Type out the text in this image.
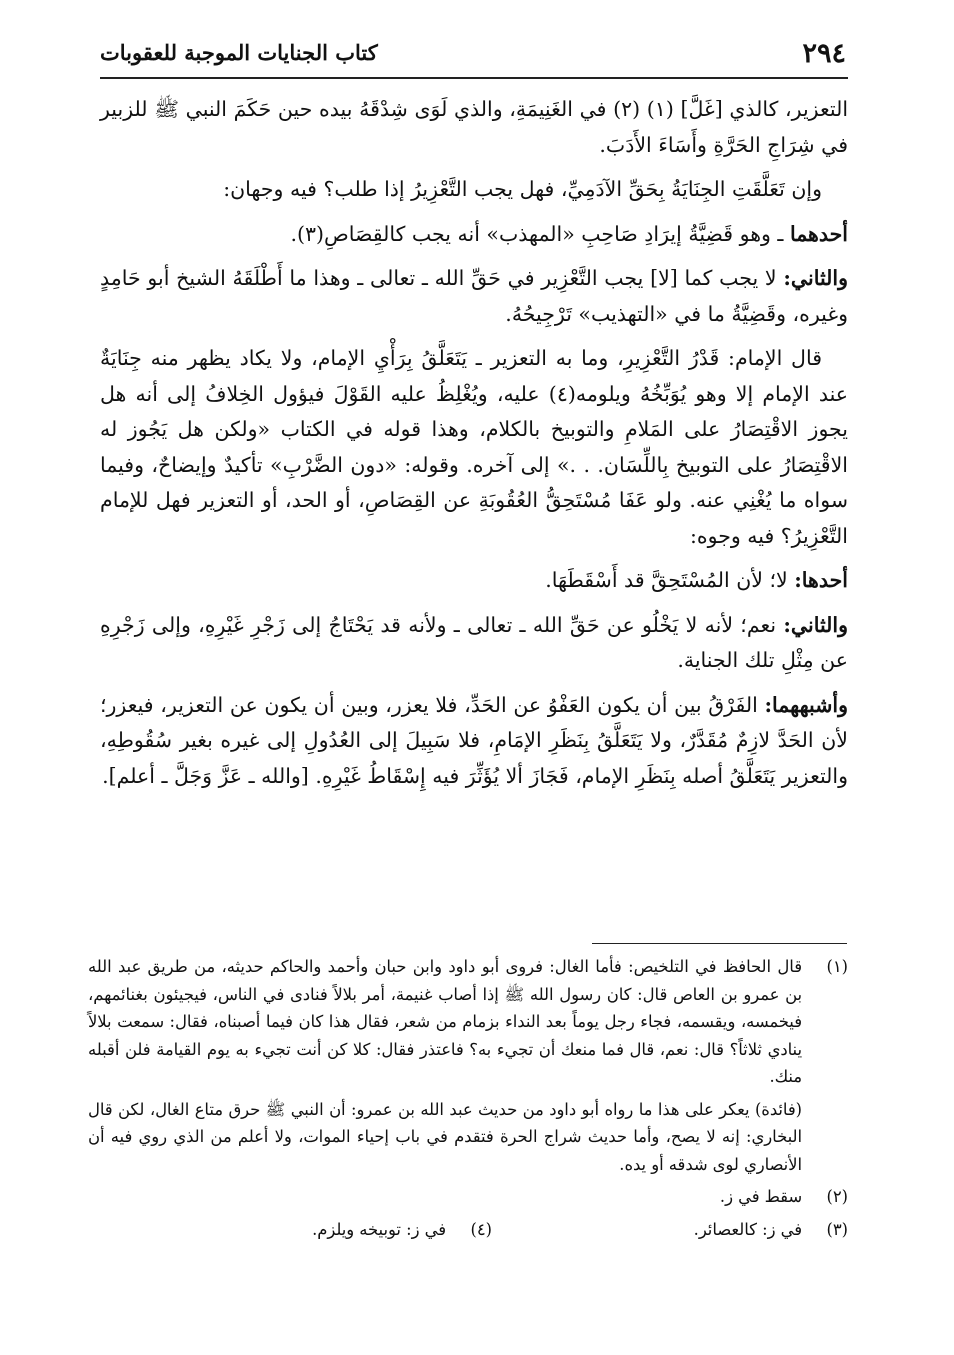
٢٩٤
كتاب الجنايات الموجبة للعقوبات

التعزير، كالذي [غَلَّ] (١) (٢) في الغَنِيمَةِ، والذي لَوَى شِدْقَهُ بيده حين حَكَمَ النبي ﷺ للزبير في شِرَاجِ الحَرَّةِ وأَسَاءَ الأَدَبَ.

وإن تَعَلَّقَتِ الجِنَايَةُ بِحَقِّ الآدَمِيِّ، فهل يجب التَّعْزِيرُ إذا طلب؟ فيه وجهان:

أحدهما ـ وهو قَضِيَّةُ إيرَادِ صَاحِبِ «المهذب» أنه يجب كالقِصَاصِ(٣).

والثاني: لا يجب كما [لا] يجب التَّعْزِير في حَقِّ الله ـ تعالى ـ وهذا ما أَطْلَقَهُ الشيخ أبو حَامِدٍ وغيره، وقَضِيَّةُ ما في «التهذيب» تَرْجِيحُهُ.

قال الإمام: قَدْرُ التَّعْزِيرِ، وما به التعزير ـ يَتَعَلَّقُ بِرَأْيِ الإمام، ولا يكاد يظهر منه جِنَايَةٌ عند الإمام إلا وهو يُوَبِّخُهُ ويلومه(٤) عليه، ويُغْلِظُ عليه القَوْلَ فيؤول الخِلافُ إلى أنه هل يجوز الاقْتِصَارُ على المَلامِ والتوبيخ بالكلام، وهذا قوله في الكتاب «ولكن هل يَجُوز له الاقْتِصَارُ على التوبيخ بِاللِّسَان. . .» إلى آخره. وقوله: «دون الضَّرْبِ» تأكيدٌ وإيضاحٌ، وفيما سواه ما يُغْنِي عنه. ولو عَفَا مُسْتَحِقُّ العُقُوبَةِ عن القِصَاصِ، أو الحد، أو التعزير فهل للإمام التَّعْزِيرُ؟ فيه وجوه:

أحدها: لا؛ لأن المُسْتَحِقَّ قد أَسْقَطَهَا.

والثاني: نعم؛ لأنه لا يَخْلُو عن حَقِّ الله ـ تعالى ـ ولأنه قد يَحْتَاجُ إلى زَجْرِ غَيْرِهِ، وإلى زَجْرِهِ عن مِثْلِ تلك الجناية.

وأشبههما: الفَرْقُ بين أن يكون العَفْوُ عن الحَدِّ، فلا يعزر، وبين أن يكون عن التعزير، فيعزر؛ لأن الحَدَّ لازِمٌ مُقَدَّرٌ، ولا يَتَعَلَّقُ بِنَظَرِ الإمَامِ، فلا سَبِيلَ إلى العُدُولِ إلى غيره بغير سُقُوطِهِ، والتعزير يَتَعَلَّقُ أصله بِنَظَرِ الإمام، فَجَازَ ألا يُؤَثِّرَ فيه إِسْقَاطُ غَيْرِهِ. [والله ـ عَزَّ وَجَلَّ ـ أعلم].

(١)

قال الحافظ في التلخيص: فأما الغال: فروى أبو داود وابن حبان وأحمد والحاكم حديثه، من طريق عبد الله بن عمرو بن العاص قال: كان رسول الله ﷺ إذا أصاب غنيمة، أمر بلالاً فنادى في الناس، فيجيئون بغنائمهم، فيخمسه، ويقسمه، فجاء رجل يوماً بعد النداء بزمام من شعر، فقال هذا كان فيما أصبناه، فقال: سمعت بلالاً ينادي ثلاثاً؟ قال: نعم، قال فما منعك أن تجيء به؟ فاعتذر فقال: كلا كن أنت تجيء به يوم القيامة فلن أقبله منك.

(فائدة) يعكر على هذا ما رواه أبو داود من حديث عبد الله بن عمرو: أن النبي ﷺ حرق متاع الغال، لكن قال البخاري: إنه لا يصح، وأما حديث شراج الحرة فتقدم في باب إحياء الموات، ولا أعلم من الذي روي فيه أن الأنصاري لوى شدقه أو يده.

(٢)

سقط في ز.

(٣)

في ز: كالعصائر.

(٤)

في ز: توبيخه ويلزم.
